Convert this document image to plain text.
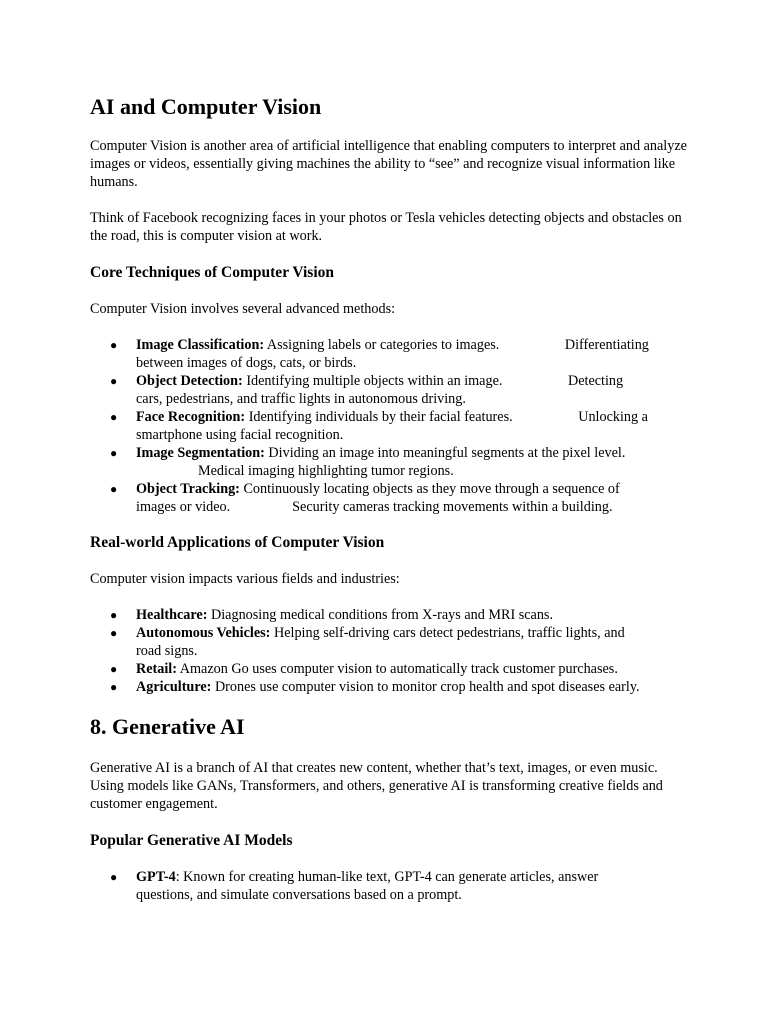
AI and Computer Vision

Computer Vision is another area of artificial intelligence that enabling computers to interpret and analyze images or videos, essentially giving machines the ability to “see” and recognize visual information like humans.

Think of Facebook recognizing faces in your photos or Tesla vehicles detecting objects and obstacles on the road, this is computer vision at work.

Core Techniques of Computer Vision

Computer Vision involves several advanced methods:

● Image Classification: Assigning labels or categories to images.	Differentiating
between images of dogs, cats, or birds.
● Object Detection: Identifying multiple objects within an image.	Detecting
cars, pedestrians, and traffic lights in autonomous driving.
● Face Recognition: Identifying individuals by their facial features.	Unlocking a
smartphone using facial recognition.
● Image Segmentation: Dividing an image into meaningful segments at the pixel level.
Medical imaging highlighting tumor regions.
● Object Tracking: Continuously locating objects as they move through a sequence of
images or video.	Security cameras tracking movements within a building.
Real-world Applications of Computer Vision

Computer vision impacts various fields and industries:

● Healthcare: Diagnosing medical conditions from X-rays and MRI scans.
● Autonomous Vehicles: Helping self-driving cars detect pedestrians, traffic lights, and
road signs.
● Retail: Amazon Go uses computer vision to automatically track customer purchases.
● Agriculture: Drones use computer vision to monitor crop health and spot diseases early.
8. Generative AI

Generative AI is a branch of AI that creates new content, whether that’s text, images, or even music. Using models like GANs, Transformers, and others, generative AI is transforming creative fields and customer engagement.

Popular Generative AI Models
● GPT-4: Known for creating human-like text, GPT-4 can generate articles, answer
questions, and simulate conversations based on a prompt.
